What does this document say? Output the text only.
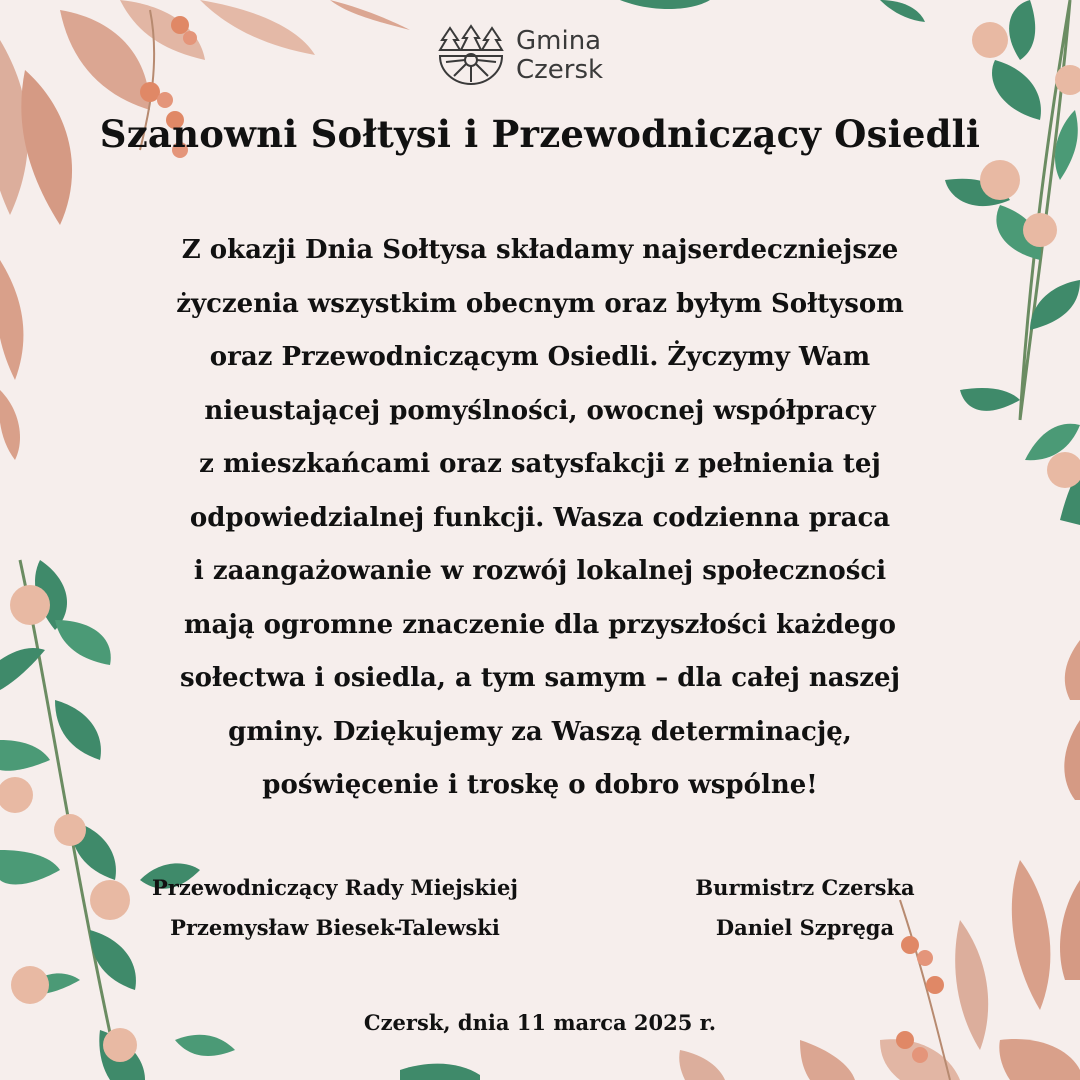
Gmina
Czersk
Szanowni Sołtysi i Przewodniczący Osiedli
Z okazji Dnia Sołtysa składamy najserdeczniejsze
życzenia wszystkim obecnym oraz byłym Sołtysom
oraz Przewodniczącym Osiedli. Życzymy Wam
nieustającej pomyślności, owocnej współpracy
z mieszkańcami oraz satysfakcji z pełnienia tej
odpowiedzialnej funkcji. Wasza codzienna praca
i zaangażowanie w rozwój lokalnej społeczności
mają ogromne znaczenie dla przyszłości każdego
sołectwa i osiedla, a tym samym – dla całej naszej
gminy. Dziękujemy za Waszą determinację,
poświęcenie i troskę o dobro wspólne!
Przewodniczący Rady Miejskiej
Przemysław Biesek-Talewski
Burmistrz Czerska
Daniel Szpręga

Czersk, dnia 11 marca 2025 r.
